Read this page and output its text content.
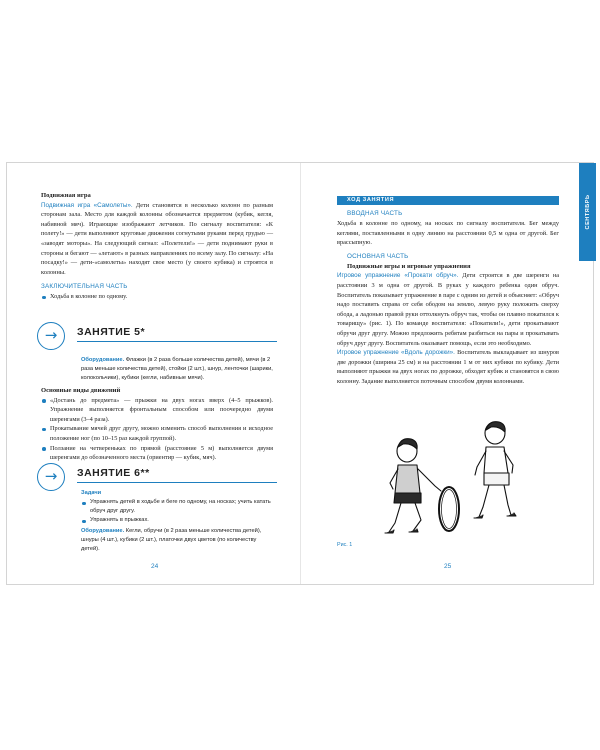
Подвижная игра
Подвижная игра «Самолеты». Дети становятся в несколько колонн по разным сторонам зала. Место для каждой колонны обозначается предметом (кубик, кегля, набивной мяч). Играющие изображают летчиков. По сигналу воспитателя: «К полету!» — дети выполняют круговые движения согнутыми руками перед грудью — «заводят моторы». На следующий сигнал: «Полетели!» — дети поднимают руки в стороны и бегают — «летают» в разных направлениях по всему залу. По сигналу: «На посадку!» — дети-«самолеты» находят свое место (у своего кубика) и строятся в колонны.
ЗАКЛЮЧИТЕЛЬНАЯ ЧАСТЬ
Ходьба в колонне по одному.
→	ЗАНЯТИЕ 5*
Оборудование. Флажки (в 2 раза больше количества детей), мячи (в 2 раза меньше количества детей), стойки (2 шт.), шнур, ленточки (шарики, колокольчики), кубики (кегли, набивные мячи).
Основные виды движений
«Достань до предмета» — прыжки на двух ногах вверх (4–5 прыжков). Упражнение выполняется фронтальным способом или поочередно двумя шеренгами (3–4 раза).
Прокатывание мячей друг другу, можно изменить способ выполнения и исходное положение ног (по 10–15 раз каждой группой).
Ползание на четвереньках по прямой (расстояние 5 м) выполняется двумя шеренгами до обозначенного места (ориентир — кубик, мяч).
→	ЗАНЯТИЕ 6**
Задачи
Упражнять детей в ходьбе и беге по одному, на носках; учить катать обруч друг другу.
Упражнять в прыжках.
Оборудование. Кегли, обручи (в 2 раза меньше количества детей), шнуры (4 шт.), кубики (2 шт.), платочки двух цветов (по количеству детей).
24
СЕНТЯБРЬ
ХОД ЗАНЯТИЯ
ВВОДНАЯ ЧАСТЬ
Ходьба в колонне по одному, на носках по сигналу воспитателя. Бег между кеглями, поставленными в одну линию на расстоянии 0,5 м одна от другой. Бег врассыпную.
ОСНОВНАЯ ЧАСТЬ
Подвижные игры и игровые упражнения
Игровое упражнение «Прокати обруч». Дети строятся в две шеренги на расстоянии 3 м одна от другой. В руках у каждого ребенка один обруч. Воспитатель показывает упражнение в паре с одним из детей и объясняет: «Обруч надо поставить справа от себя ободом на землю, левую руку положить сверху обода, а ладонью правой руки оттолкнуть обруч так, чтобы он плавно покатился к товарищу» (рис. 1). По команде воспитателя: «Покатили!», дети прокатывают обручи друг другу. Можно предложить ребятам разбиться на пары и прокатывать обруч друг другу. Воспитатель оказывает помощь, если это необходимо.
Игровое упражнение «Вдоль дорожки». Воспитатель выкладывает из шнуров две дорожки (ширина 25 см) и на расстоянии 1 м от них кубики по кубику. Дети выполняют прыжки на двух ногах по дорожке, обходят кубик и становятся в свою колонну. Задание выполняется поточным способом двумя колоннами.
Рис. 1
25
